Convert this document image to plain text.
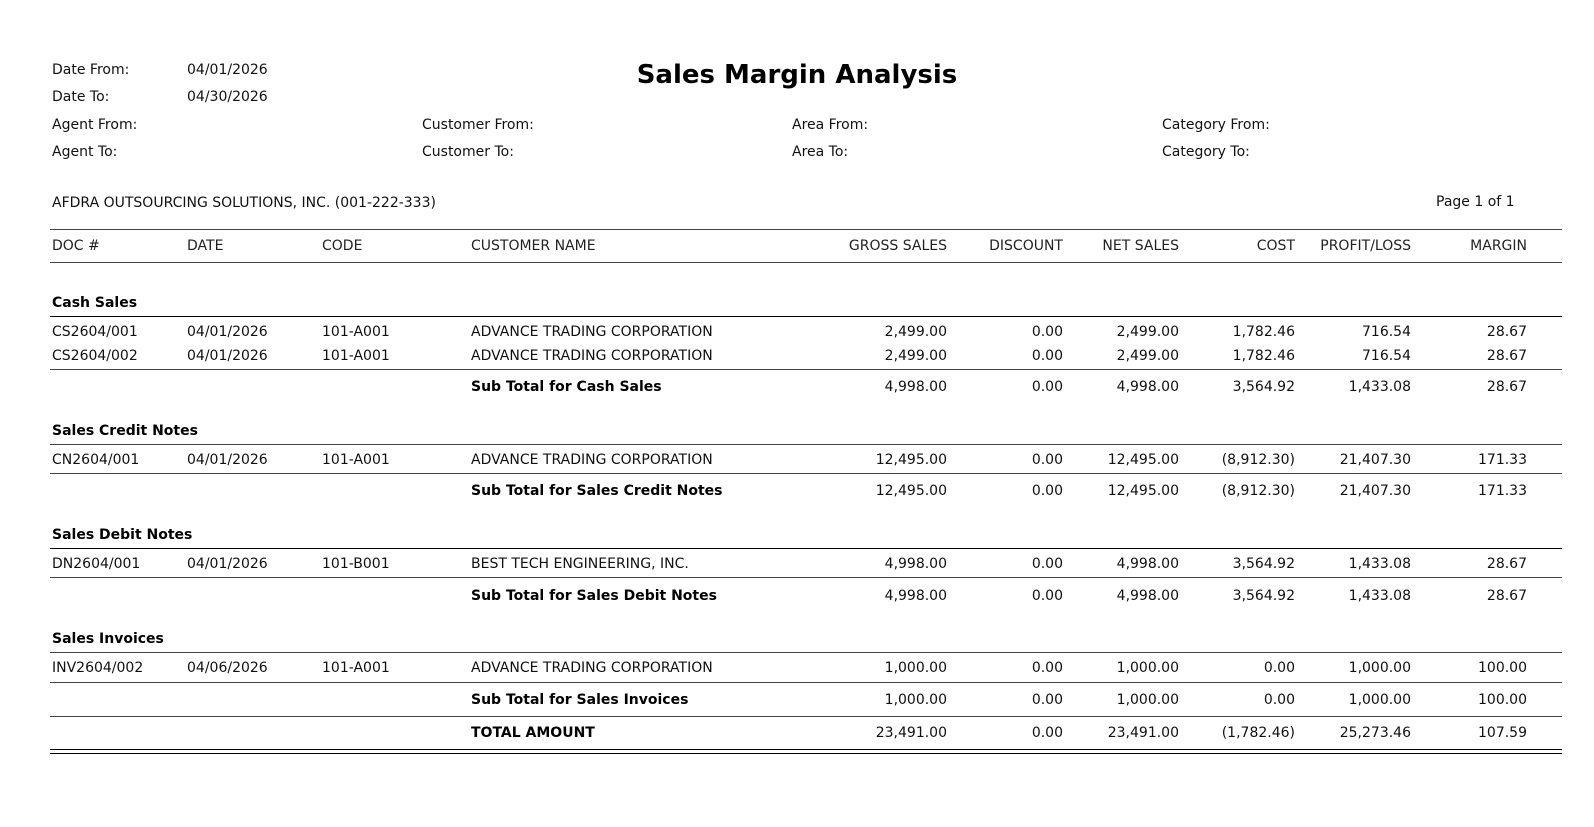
Sales Margin Analysis
Date From:	04/01/2026
Date To:	04/30/2026
Agent From:
Agent To:
Customer From:
Customer To:
Area From:
Area To:
Category From:
Category To:
AFDRA OUTSOURCING SOLUTIONS, INC. (001-222-333)	Page 1 of 1
DOC #	DATE	CODE	CUSTOMER NAME	GROSS SALES	DISCOUNT	NET SALES	COST	PROFIT/LOSS	MARGIN
Cash Sales
CS2604/001	04/01/2026	101-A001	ADVANCE TRADING CORPORATION	2,499.00	0.00	2,499.00	1,782.46	716.54	28.67
CS2604/002	04/01/2026	101-A001	ADVANCE TRADING CORPORATION	2,499.00	0.00	2,499.00	1,782.46	716.54	28.67
Sub Total for Cash Sales	4,998.00	0.00	4,998.00	3,564.92	1,433.08	28.67
Sales Credit Notes
CN2604/001	04/01/2026	101-A001	ADVANCE TRADING CORPORATION	12,495.00	0.00	12,495.00	(8,912.30)	21,407.30	171.33
Sub Total for Sales Credit Notes	12,495.00	0.00	12,495.00	(8,912.30)	21,407.30	171.33
Sales Debit Notes
DN2604/001	04/01/2026	101-B001	BEST TECH ENGINEERING, INC.	4,998.00	0.00	4,998.00	3,564.92	1,433.08	28.67
Sub Total for Sales Debit Notes	4,998.00	0.00	4,998.00	3,564.92	1,433.08	28.67
Sales Invoices
INV2604/002	04/06/2026	101-A001	ADVANCE TRADING CORPORATION	1,000.00	0.00	1,000.00	0.00	1,000.00	100.00
Sub Total for Sales Invoices	1,000.00	0.00	1,000.00	0.00	1,000.00	100.00
TOTAL AMOUNT	23,491.00	0.00	23,491.00	(1,782.46)	25,273.46	107.59
